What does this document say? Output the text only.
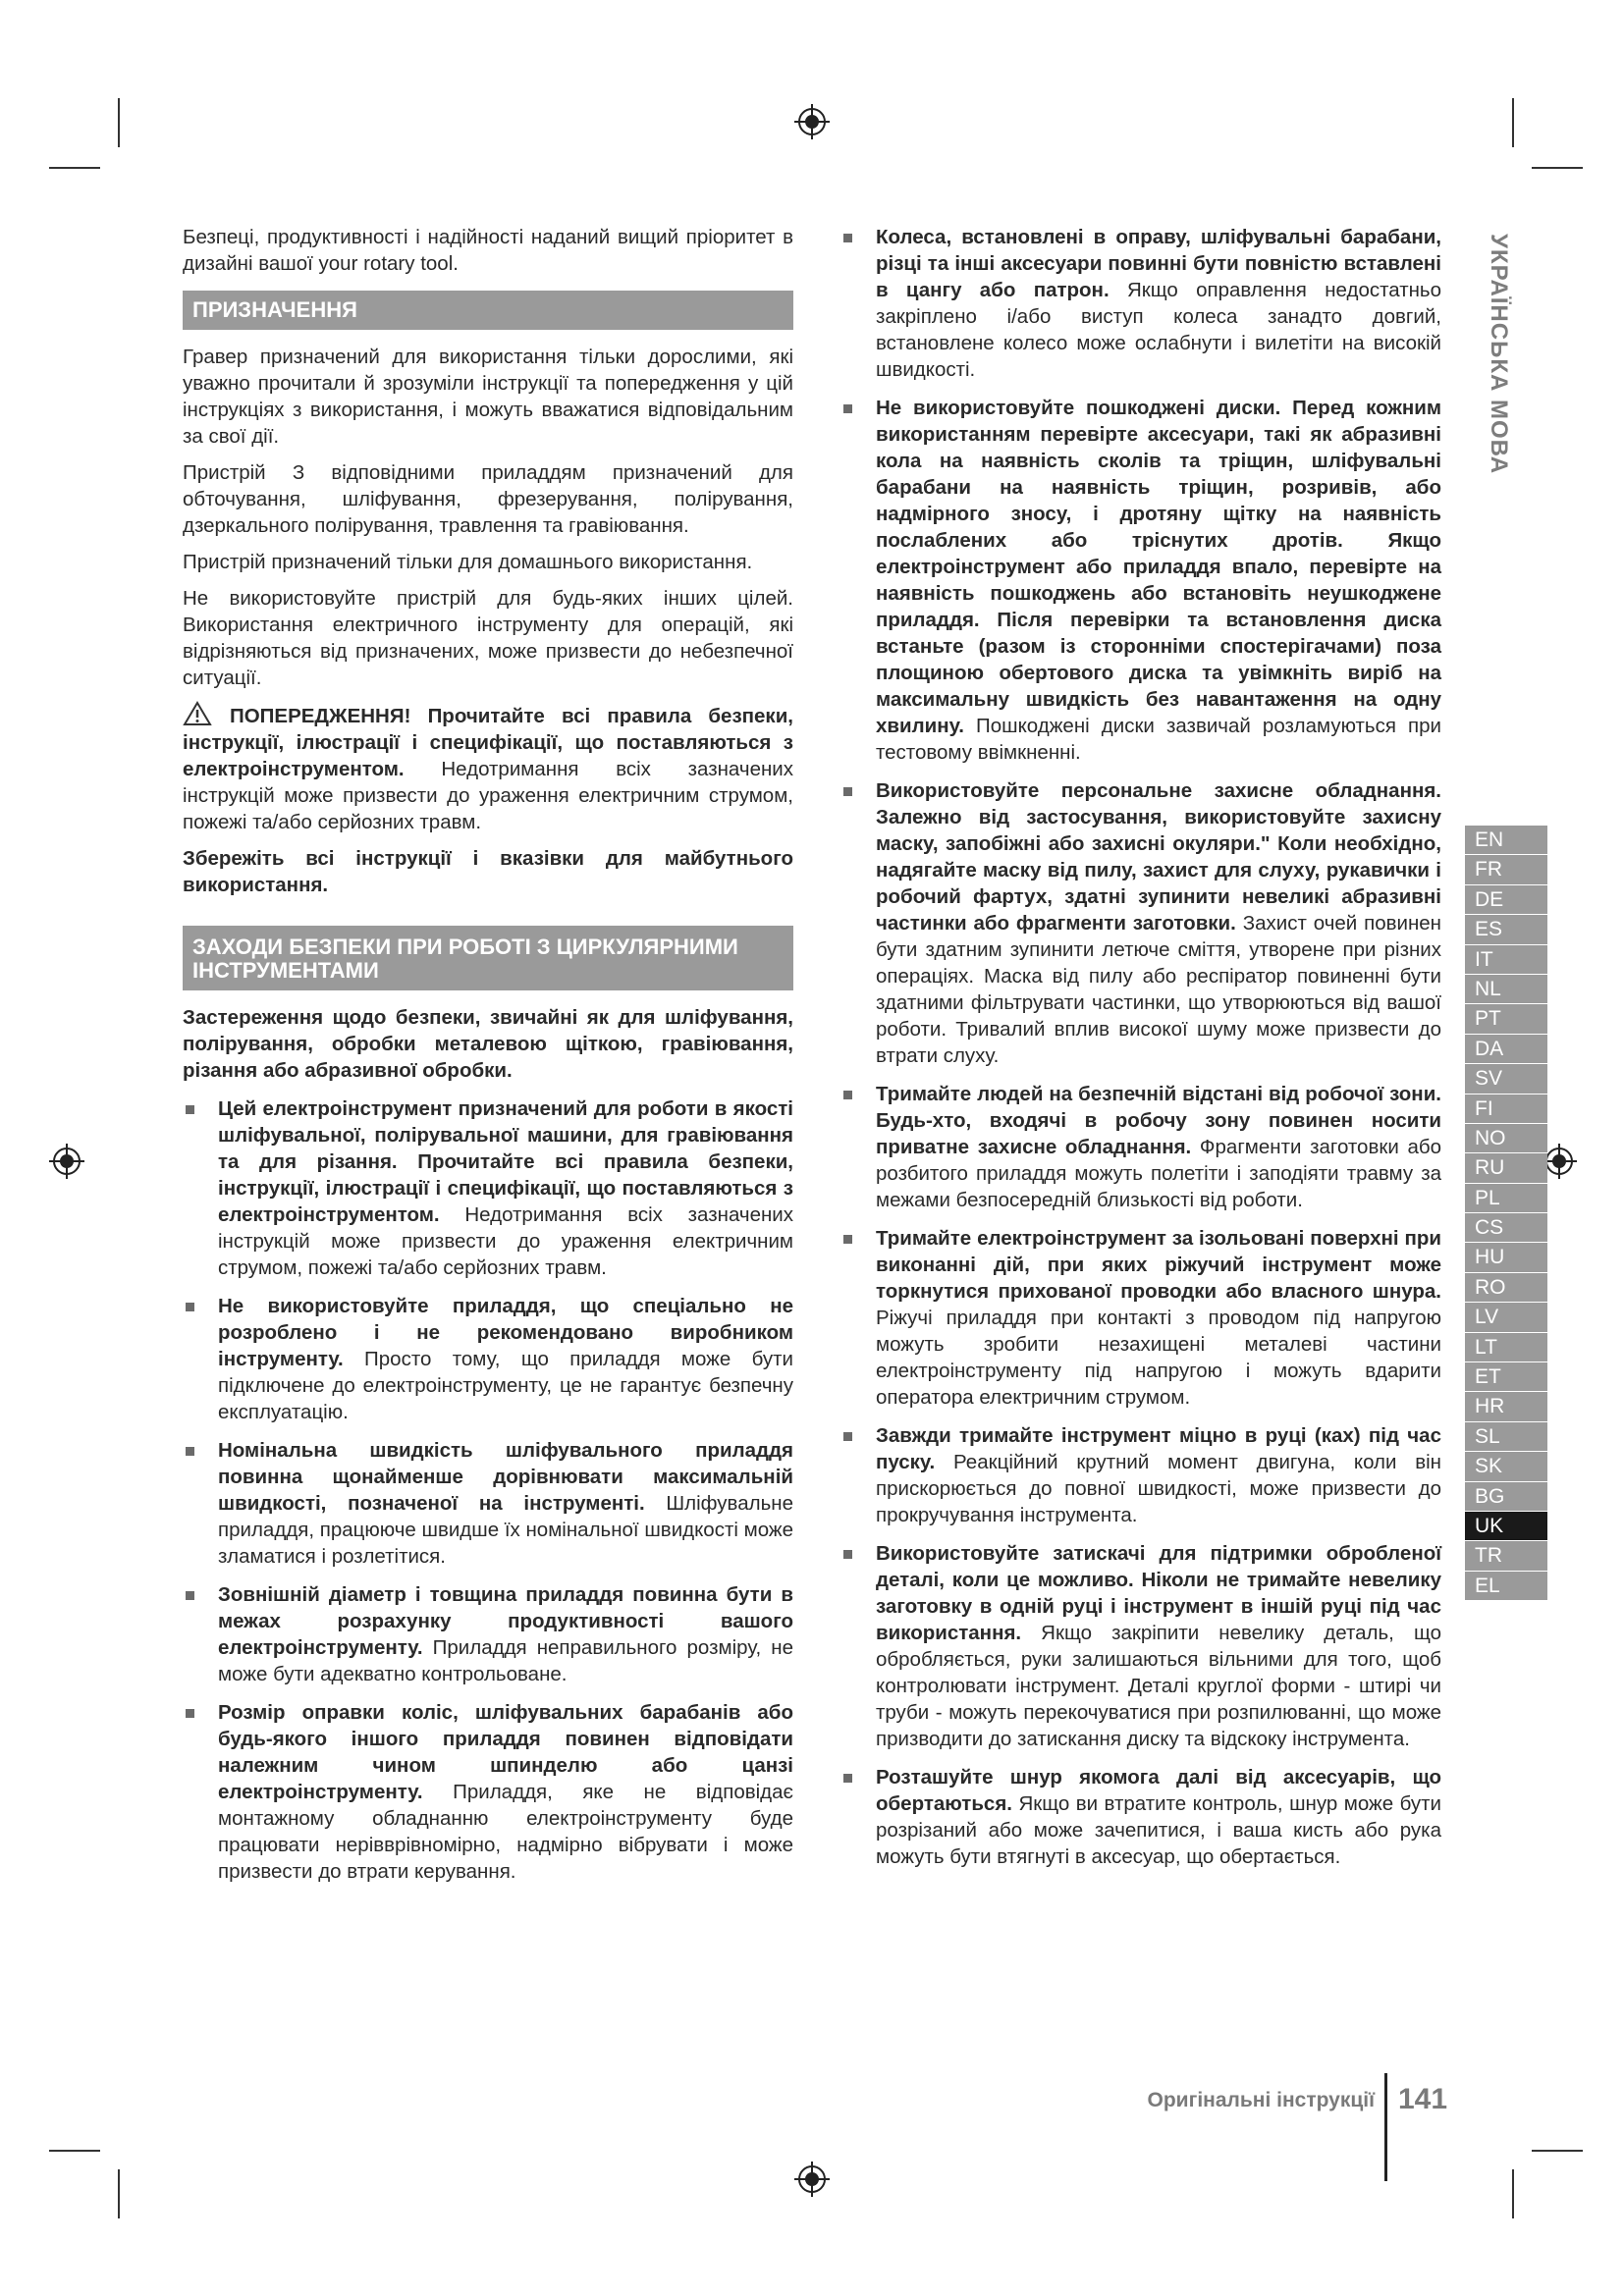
Безпеці, продуктивності і надійності наданий вищий пріоритет в дизайні вашої your rotary tool.

ПРИЗНАЧЕННЯ

Гравер призначений для використання тільки дорослими, які уважно прочитали й зрозуміли інструкції та попередження у цій інструкціях з використання, і можуть вважатися відповідальним за свої дії.

Пристрій З відповідними приладдям призначений для обточування, шліфування, фрезерування, полірування, дзеркального полірування, травлення та гравіювання.

Пристрій призначений тільки для домашнього використання.

Не використовуйте пристрій для будь-яких інших цілей. Використання електричного інструменту для операцій, які відрізняються від призначених, може призвести до небезпечної ситуації.

ПОПЕРЕДЖЕННЯ! Прочитайте всі правила безпеки, інструкції, ілюстрації і специфікації, що поставляються з електроінструментом. Недотримання всіх зазначених інструкцій може призвести до ураження електричним струмом, пожежі та/або серйозних травм.

Збережіть всі інструкції і вказівки для майбутнього використання.

ЗАХОДИ БЕЗПЕКИ ПРИ РОБОТІ З ЦИРКУЛЯРНИМИ ІНСТРУМЕНТАМИ

Застереження щодо безпеки, звичайні як для шліфування, полірування, обробки металевою щіткою, гравіювання, різання або абразивної обробки.

Цей електроінструмент призначений для роботи в якості шліфувальної, полірувальної машини, для гравіювання та для різання. Прочитайте всі правила безпеки, інструкції, ілюстрації і специфікації, що поставляються з електроінструментом. Недотримання всіх зазначених інструкцій може призвести до ураження електричним струмом, пожежі та/або серйозних травм.
Не використовуйте приладдя, що спеціально не розроблено і не рекомендовано виробником інструменту. Просто тому, що приладдя може бути підключене до електроінструменту, це не гарантує безпечну експлуатацію.
Номінальна швидкість шліфувального приладдя повинна щонайменше дорівнювати максимальній швидкості, позначеної на інструменті. Шліфувальне приладдя, працююче швидше їх номінальної швидкості може зламатися і розлетітися.
Зовнішній діаметр і товщина приладдя повинна бути в межах розрахунку продуктивності вашого електроінструменту. Приладдя неправильного розміру, не може бути адекватно контрольоване.
Розмір оправки коліс, шліфувальних барабанів або будь-якого іншого приладдя повинен відповідати належним чином шпинделю або цанзі електроінструменту. Приладдя, яке не відповідає монтажному обладнанню електроінструменту буде працювати нерівврівномірно, надмірно вібрувати і може призвести до втрати керування.
Колеса, встановлені в оправу, шліфувальні барабани, різці та інші аксесуари повинні бути повністю вставлені в цангу або патрон. Якщо оправлення недостатньо закріплено і/або виступ колеса занадто довгий, встановлене колесо може ослабнути і вилетіти на високій швидкості.
Не використовуйте пошкоджені диски. Перед кожним використанням перевірте аксесуари, такі як абразивні кола на наявність сколів та тріщин, шліфувальні барабани на наявність тріщин, розривів, або надмірного зносу, і дротяну щітку на наявність послаблених або тріснутих дротів. Якщо електроінструмент або приладдя впало, перевірте на наявність пошкоджень або встановіть неушкоджене приладдя. Після перевірки та встановлення диска встаньте (разом із сторонніми спостерігачами) поза площиною обертового диска та увімкніть виріб на максимальну швидкість без навантаження на одну хвилину. Пошкоджені диски зазвичай розламуються при тестовому ввімкненні.
Використовуйте персональне захисне обладнання. Залежно від застосування, використовуйте захисну маску, запобіжні або захисні окуляри." Коли необхідно, надягайте маску від пилу, захист для слуху, рукавички і робочий фартух, здатні зупинити невеликі абразивні частинки або фрагменти заготовки. Захист очей повинен бути здатним зупинити летюче сміття, утворене при різних операціях. Маска від пилу або респіратор повиненні бути здатними фільтрувати частинки, що утворюються від вашої роботи. Тривалий вплив високої шуму може призвести до втрати слуху.
Тримайте людей на безпечній відстані від робочої зони. Будь-хто, входячі в робочу зону повинен носити приватне захисне обладнання. Фрагменти заготовки або розбитого приладдя можуть полетіти і заподіяти травму за межами безпосередній близькості від роботи.
Тримайте електроінструмент за ізольовані поверхні при виконанні дій, при яких ріжучий інструмент може торкнутися прихованої проводки або власного шнура. Ріжучі приладдя при контакті з проводом під напругою можуть зробити незахищені металеві частини електроінструменту під напругою і можуть вдарити оператора електричним струмом.
Завжди тримайте інструмент міцно в руці (ках) під час пуску. Реакційний крутний момент двигуна, коли він прискорюється до повної швидкості, може призвести до прокручування інструмента.
Використовуйте затискачі для підтримки обробленої деталі, коли це можливо. Ніколи не тримайте невелику заготовку в одній руці і інструмент в іншій руці під час використання. Якщо закріпити невелику деталь, що обробляється, руки залишаються вільними для того, щоб контролювати інструмент. Деталі круглої форми - штирі чи труби - можуть перекочуватися при розпилюванні, що може призводити до затискання диску та відскоку інструмента.
Розташуйте шнур якомога далі від аксесуарів, що обертаються. Якщо ви втратите контроль, шнур може бути розрізаний або може зачепитися, і ваша кисть або рука можуть бути втягнуті в аксесуар, що обертається.
УКРАЇНСЬКА МОВА
EN
FR
DE
ES
IT
NL
PT
DA
SV
FI
NO
RU
PL
CS
HU
RO
LV
LT
ET
HR
SL
SK
BG
UK
TR
EL
Оригінальні інструкції 141
